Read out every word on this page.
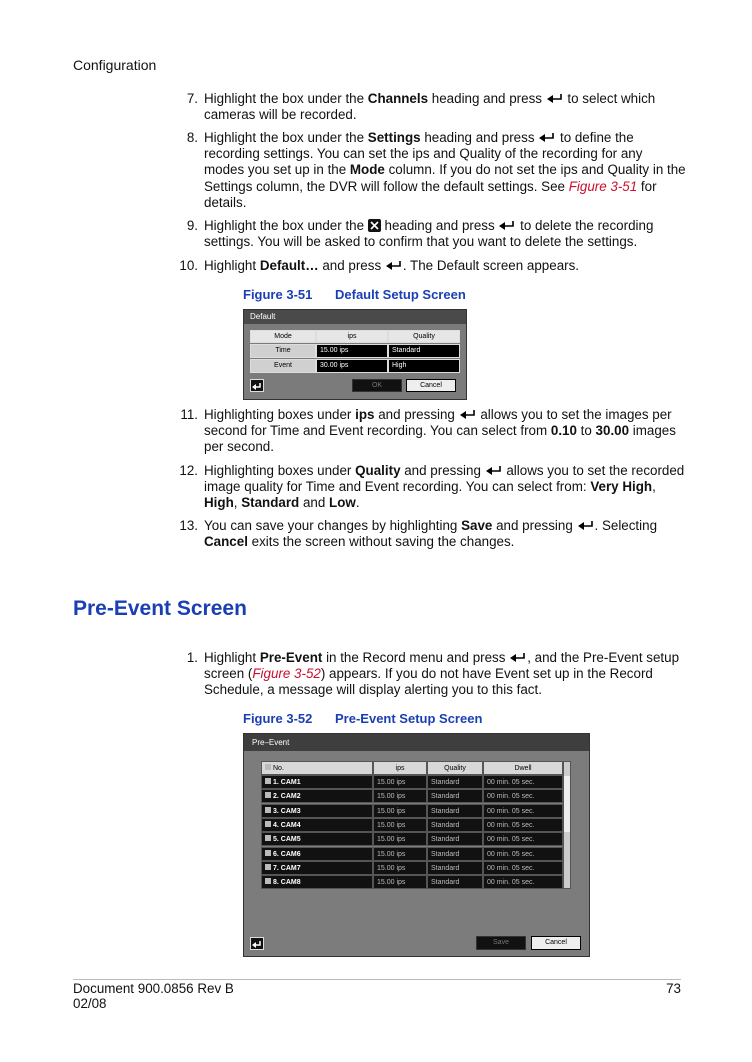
Configuration
7. Highlight the box under the Channels heading and press
to select which cameras will be recorded.
8. Highlight the box under the Settings heading and press
to define the recording settings. You can set the ips and Quality of the recording for any modes you set up in the Mode column. If you do not set the ips and Quality in the Settings column, the DVR will follow the default settings. See Figure 3-51 for details.
9. Highlight the box under the  heading and press
to delete the recording settings. You will be asked to confirm that you want to delete the settings.
10. Highlight Default… and press
. The Default screen appears.
Figure 3-51 Default Setup Screen
Default
Mode	ips	Quality
Time	15.00 ips	Standard
Event	30.00 ips	High
OK	Cancel
11. Highlighting boxes under ips and pressing
allows you to set the images per second for Time and Event recording. You can select from 0.10 to 30.00 images per second.
12. Highlighting boxes under Quality and pressing
allows you to set the recorded image quality for Time and Event recording. You can select from: Very High, High, Standard and Low.
13. You can save your changes by highlighting Save and pressing
. Selecting Cancel exits the screen without saving the changes.
Pre-Event Screen
1. Highlight Pre-Event in the Record menu and press
, and the Pre-Event setup screen (Figure 3-52) appears. If you do not have Event set up in the Record Schedule, a message will display alerting you to this fact.
Figure 3-52 Pre-Event Setup Screen
Pre–Event
No.	ips	Quality	Dwell
1. CAM1	15.00 ips	Standard	00 min. 05 sec.
2. CAM2	15.00 ips	Standard	00 min. 05 sec.
3. CAM3	15.00 ips	Standard	00 min. 05 sec.
4. CAM4	15.00 ips	Standard	00 min. 05 sec.
5. CAM5	15.00 ips	Standard	00 min. 05 sec.
6. CAM6	15.00 ips	Standard	00 min. 05 sec.
7. CAM7	15.00 ips	Standard	00 min. 05 sec.
8. CAM8	15.00 ips	Standard	00 min. 05 sec.
Save	Cancel
Document 900.0856 Rev B
02/08
73
